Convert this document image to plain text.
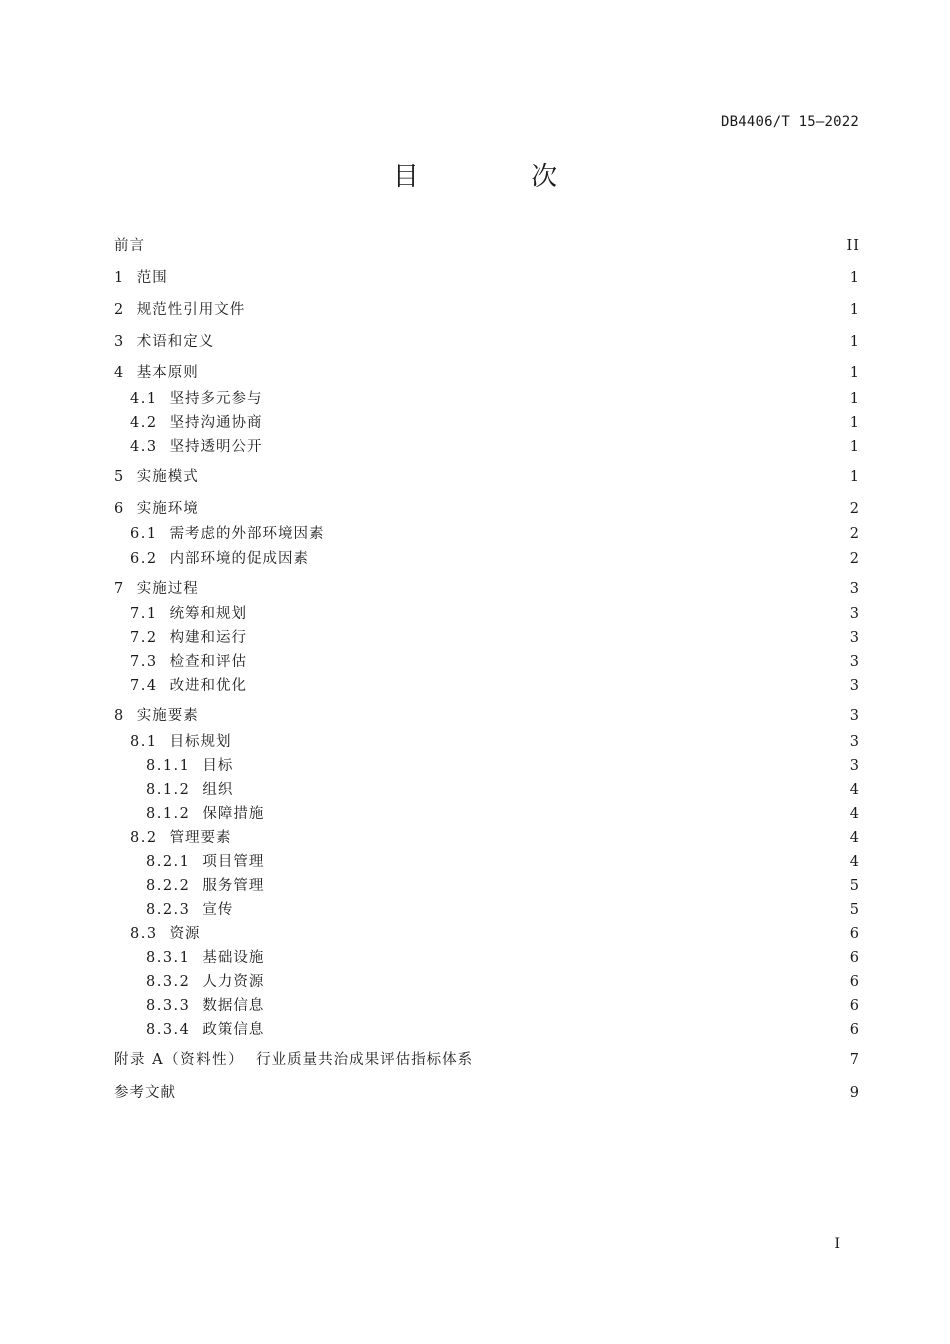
DB4406/T 15—2022
目 次
前言	II
1 范围	1
2 规范性引用文件	1
3 术语和定义	1
4 基本原则	1
4.1 坚持多元参与	1
4.2 坚持沟通协商	1
4.3 坚持透明公开	1
5 实施模式	1
6 实施环境	2
6.1 需考虑的外部环境因素	2
6.2 内部环境的促成因素	2
7 实施过程	3
7.1 统筹和规划	3
7.2 构建和运行	3
7.3 检查和评估	3
7.4 改进和优化	3
8 实施要素	3
8.1 目标规划	3
8.1.1 目标	3
8.1.2 组织	4
8.1.2 保障措施	4
8.2 管理要素	4
8.2.1 项目管理	4
8.2.2 服务管理	5
8.2.3 宣传	5
8.3 资源	6
8.3.1 基础设施	6
8.3.2 人力资源	6
8.3.3 数据信息	6
8.3.4 政策信息	6
附录 A（资料性） 行业质量共治成果评估指标体系	7
参考文献	9
I
